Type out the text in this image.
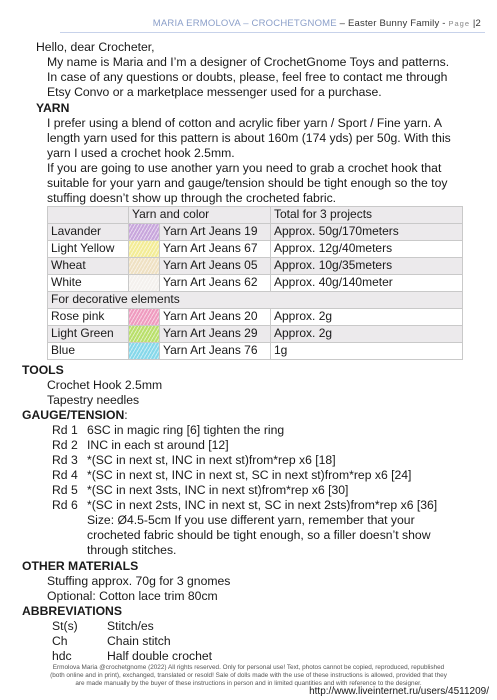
MARIA ERMOLOVA – CROCHETGNOME – Easter Bunny Family - Page |2
Hello, dear Crocheter,
My name is Maria and I’m a designer of CrochetGnome Toys and patterns.
In case of any questions or doubts, please, feel free to contact me through
Etsy Convo or a marketplace messenger used for a purchase.
YARN
I prefer using a blend of cotton and acrylic fiber yarn / Sport / Fine yarn. A
length yarn used for this pattern is about 160m (174 yds) per 50g. With this
yarn I used a crochet hook 2.5mm.
If you are going to use another yarn you need to grab a crochet hook that
suitable for your yarn and gauge/tension should be tight enough so the toy
stuffing doesn’t show up through the crocheted fabric.
	Yarn and color		Total for 3 projects
Lavander		Yarn Art Jeans 19	Approx. 50g/170meters
Light Yellow		Yarn Art Jeans 67	Approx. 12g/40meters
Wheat		Yarn Art Jeans 05	Approx. 10g/35meters
White		Yarn Art Jeans 62	Approx. 40g/140meter
For decorative elements			
Rose pink		Yarn Art Jeans 20	Approx. 2g
Light Green		Yarn Art Jeans 29	Approx. 2g
Blue		Yarn Art Jeans 76	1g
TOOLS
Crochet Hook 2.5mm
Tapestry needles
GAUGE/TENSION:
Rd 1 6SC in magic ring [6] tighten the ring
Rd 2 INC in each st around [12]
Rd 3 *(SC in next st, INC in next st)from*rep x6 [18]
Rd 4 *(SC in next st, INC in next st, SC in next st)from*rep x6 [24]
Rd 5 *(SC in next 3sts, INC in next st)from*rep x6 [30]
Rd 6 *(SC in next 2sts, INC in next st, SC in next 2sts)from*rep x6 [36]
Size: Ø4.5-5cm If you use different yarn, remember that your
crocheted fabric should be tight enough, so a filler doesn’t show
through stitches.
OTHER MATERIALS
Stuffing approx. 70g for 3 gnomes
Optional: Cotton lace trim 80cm
ABBREVIATIONS
St(s) Stitch/es
Ch	Chain stitch
hdc	Half double crochet
Ermolova Maria @crochetgnome (2022) All rights reserved. Only for personal use! Text, photos cannot be copied, reproduced, republished
(both online and in print), exchanged, translated or resold! Sale of dolls made with the use of these instructions is allowed, provided that they
are made manually by the buyer of these instructions in person and in limited quantities and with reference to the designer.
http://www.liveinternet.ru/users/4511209/
